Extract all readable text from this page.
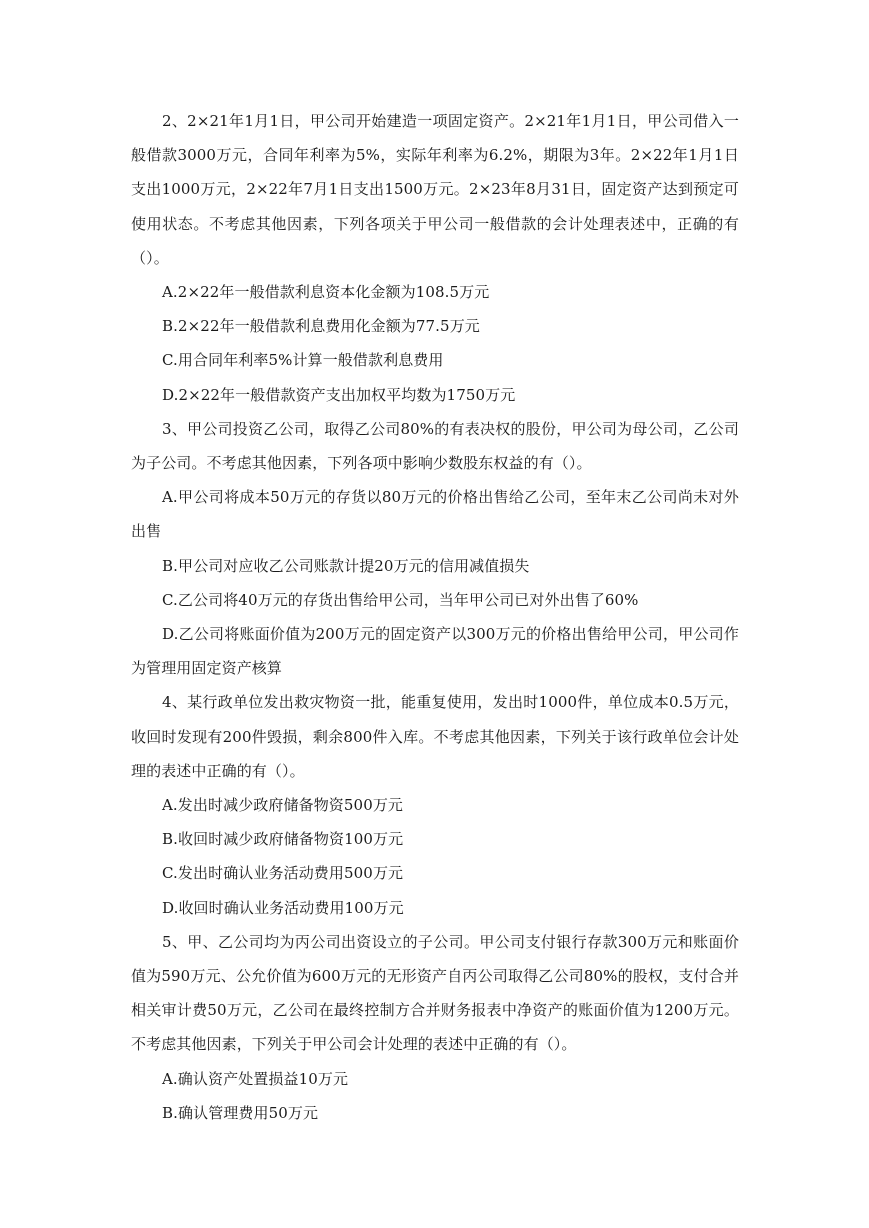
2、2×21年1月1日，甲公司开始建造一项固定资产。2×21年1月1日，甲公司借入一般借款3000万元，合同年利率为5%，实际年利率为6.2%，期限为3年。2×22年1月1日支出1000万元，2×22年7月1日支出1500万元。2×23年8月31日，固定资产达到预定可使用状态。不考虑其他因素，下列各项关于甲公司一般借款的会计处理表述中，正确的有（）。

A.2×22年一般借款利息资本化金额为108.5万元

B.2×22年一般借款利息费用化金额为77.5万元

C.用合同年利率5%计算一般借款利息费用

D.2×22年一般借款资产支出加权平均数为1750万元

3、甲公司投资乙公司，取得乙公司80%的有表决权的股份，甲公司为母公司，乙公司为子公司。不考虑其他因素，下列各项中影响少数股东权益的有（）。

A.甲公司将成本50万元的存货以80万元的价格出售给乙公司，至年末乙公司尚未对外出售

B.甲公司对应收乙公司账款计提20万元的信用减值损失

C.乙公司将40万元的存货出售给甲公司，当年甲公司已对外出售了60%

D.乙公司将账面价值为200万元的固定资产以300万元的价格出售给甲公司，甲公司作为管理用固定资产核算

4、某行政单位发出救灾物资一批，能重复使用，发出时1000件，单位成本0.5万元，收回时发现有200件毁损，剩余800件入库。不考虑其他因素，下列关于该行政单位会计处理的表述中正确的有（）。

A.发出时减少政府储备物资500万元

B.收回时减少政府储备物资100万元

C.发出时确认业务活动费用500万元

D.收回时确认业务活动费用100万元

5、甲、乙公司均为丙公司出资设立的子公司。甲公司支付银行存款300万元和账面价值为590万元、公允价值为600万元的无形资产自丙公司取得乙公司80%的股权，支付合并相关审计费50万元，乙公司在最终控制方合并财务报表中净资产的账面价值为1200万元。不考虑其他因素，下列关于甲公司会计处理的表述中正确的有（）。

A.确认资产处置损益10万元

B.确认管理费用50万元
